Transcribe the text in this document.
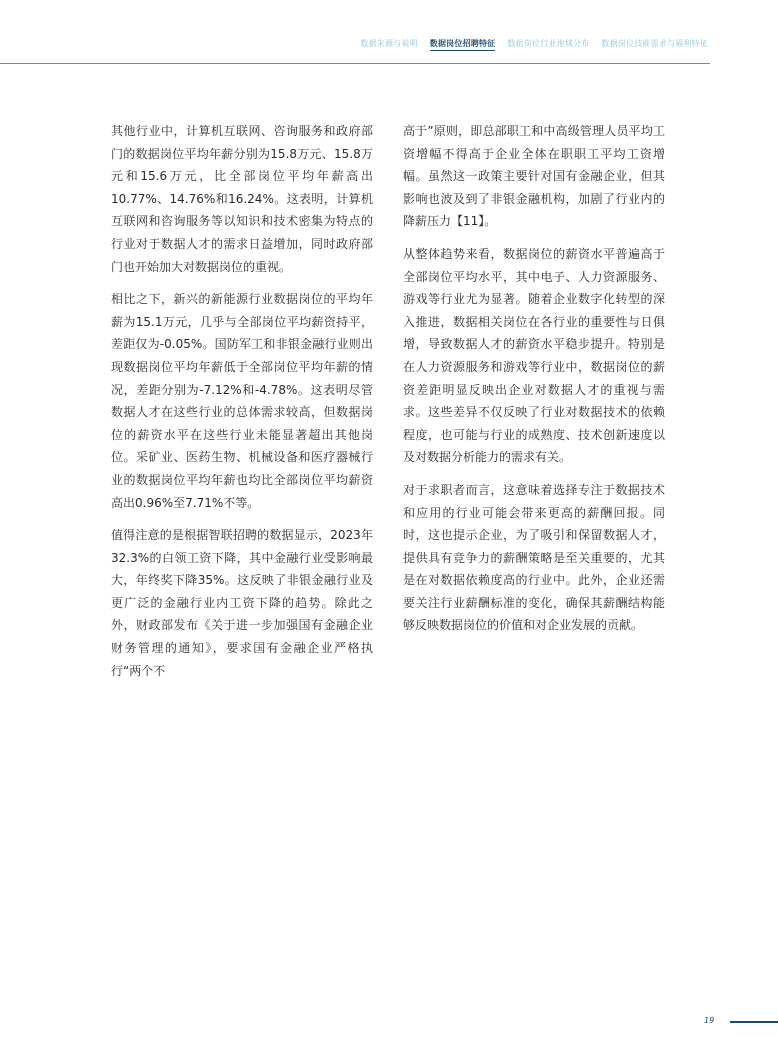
数据来源与说明 数据岗位招聘特征 数据岗位行业地域分布 数据岗位技能需求与福利特征

其他行业中，计算机互联网、咨询服务和政府部门的数据岗位平均年薪分别为15.8万元、15.8万元和15.6万元，比全部岗位平均年薪高出10.77%、14.76%和16.24%。这表明，计算机互联网和咨询服务等以知识和技术密集为特点的行业对于数据人才的需求日益增加，同时政府部门也开始加大对数据岗位的重视。

相比之下，新兴的新能源行业数据岗位的平均年薪为15.1万元，几乎与全部岗位平均薪资持平，差距仅为-0.05%。国防军工和非银金融行业则出现数据岗位平均年薪低于全部岗位平均年薪的情况，差距分别为-7.12%和-4.78%。这表明尽管数据人才在这些行业的总体需求较高，但数据岗位的薪资水平在这些行业未能显著超出其他岗位。采矿业、医药生物、机械设备和医疗器械行业的数据岗位平均年薪也均比全部岗位平均薪资高出0.96%至7.71%不等。

值得注意的是根据智联招聘的数据显示，2023年32.3%的白领工资下降，其中金融行业受影响最大，年终奖下降35%。这反映了非银金融行业及更广泛的金融行业内工资下降的趋势。除此之外，财政部发布《关于进一步加强国有金融企业财务管理的通知》，要求国有金融企业严格执行“两个不

高于”原则，即总部职工和中高级管理人员平均工资增幅不得高于企业全体在职职工平均工资增幅。虽然这一政策主要针对国有金融企业，但其影响也波及到了非银金融机构，加剧了行业内的降薪压力【11】。

从整体趋势来看，数据岗位的薪资水平普遍高于全部岗位平均水平，其中电子、人力资源服务、游戏等行业尤为显著。随着企业数字化转型的深入推进，数据相关岗位在各行业的重要性与日俱增，导致数据人才的薪资水平稳步提升。特别是在人力资源服务和游戏等行业中，数据岗位的薪资差距明显反映出企业对数据人才的重视与需求。这些差异不仅反映了行业对数据技术的依赖程度，也可能与行业的成熟度、技术创新速度以及对数据分析能力的需求有关。

对于求职者而言，这意味着选择专注于数据技术和应用的行业可能会带来更高的薪酬回报。同时，这也提示企业，为了吸引和保留数据人才，提供具有竞争力的薪酬策略是至关重要的，尤其是在对数据依赖度高的行业中。此外，企业还需要关注行业薪酬标准的变化，确保其薪酬结构能够反映数据岗位的价值和对企业发展的贡献。

19
